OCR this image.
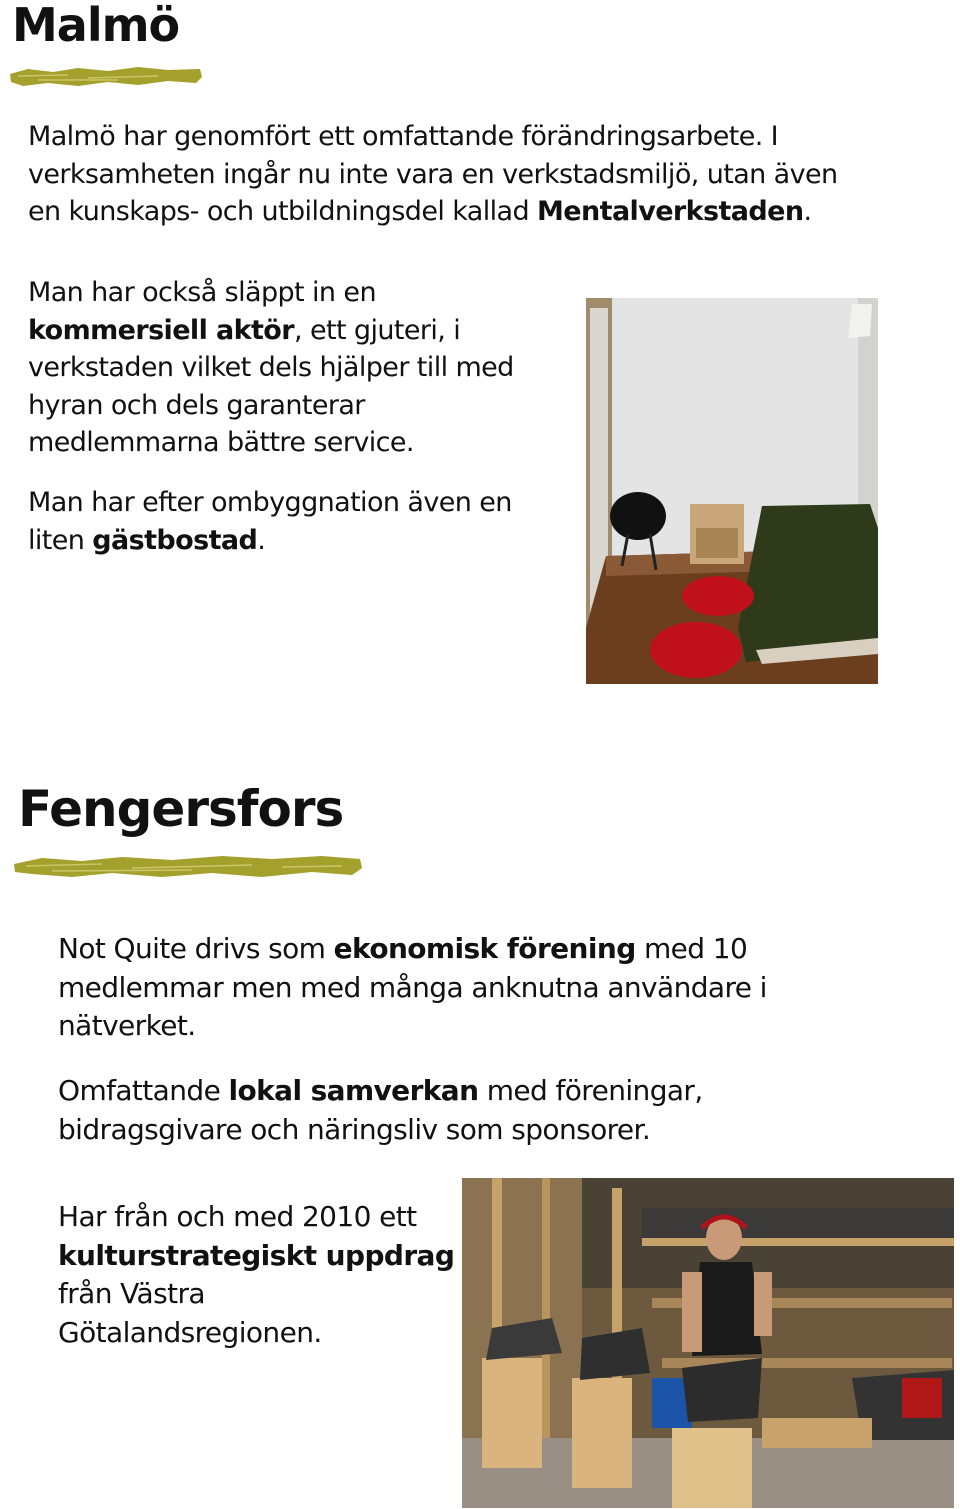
Malmö

Malmö har genomfört ett omfattande förändringsarbete. I verksamheten ingår nu inte vara en verkstadsmiljö, utan även en kunskaps- och utbildningsdel kallad Mentalverkstaden.

Man har också släppt in en kommersiell aktör, ett gjuteri, i verkstaden vilket dels hjälper till med hyran och dels garanterar medlemmarna bättre service.

Man har efter ombyggnation även en liten gästbostad.

Fengersfors

Not Quite drivs som ekonomisk förening med 10 medlemmar men med många anknutna användare i nätverket.

Omfattande lokal samverkan med föreningar, bidragsgivare och näringsliv som sponsorer.

Har från och med 2010 ett kulturstrategiskt uppdrag från Västra Götalandsregionen.
